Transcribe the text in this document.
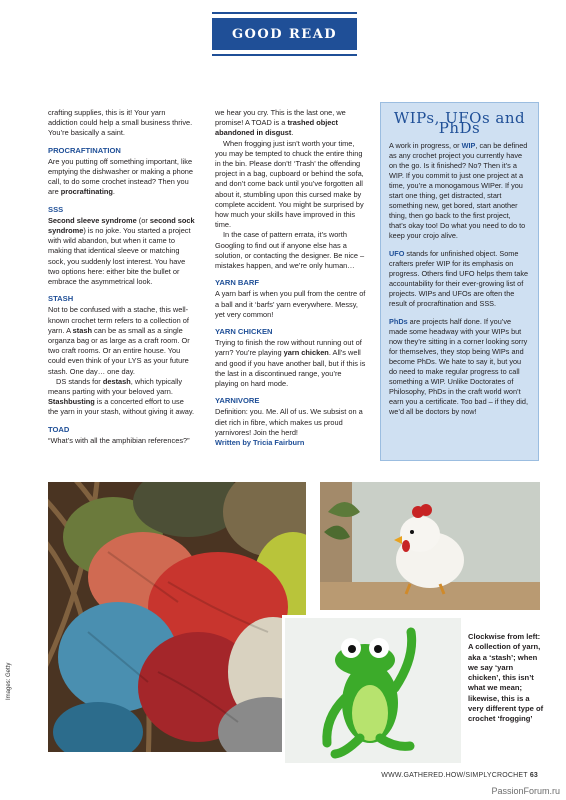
GOOD READ

crafting supplies, this is it! Your yarn addiction could help a small business thrive. You’re basically a saint.

PROCRAFTINATION

Are you putting off something important, like emptying the dishwasher or making a phone call, to do some crochet instead? Then you are procraftinating.

SSS

Second sleeve syndrome (or second sock syndrome) is no joke. You started a project with wild abandon, but when it came to making that identical sleeve or matching sock, you suddenly lost interest. You have two options here: either bite the bullet or embrace the asymmetrical look.

STASH

Not to be confused with a stache, this well-known crochet term refers to a collection of yarn. A stash can be as small as a single organza bag or as large as a craft room. Or two craft rooms. Or an entire house. You could even think of your LYS as your future stash. One day… one day.

DS stands for destash, which typically means parting with your beloved yarn. Stashbusting is a concerted effort to use the yarn in your stash, without giving it away.

TOAD

“What’s with all the amphibian references?”

we hear you cry. This is the last one, we promise! A TOAD is a trashed object abandoned in disgust.

When frogging just isn’t worth your time, you may be tempted to chuck the entire thing in the bin. Please don’t! ‘Trash’ the offending project in a bag, cupboard or behind the sofa, and don’t come back until you’ve forgotten all about it, stumbling upon this cursed make by complete accident. You might be surprised by how much your skills have improved in this time.

In the case of pattern errata, it’s worth Googling to find out if anyone else has a solution, or contacting the designer. Be nice – mistakes happen, and we’re only human…

YARN BARF

A yarn barf is when you pull from the centre of a ball and it ‘barfs’ yarn everywhere. Messy, yet very common!

YARN CHICKEN

Trying to finish the row without running out of yarn? You’re playing yarn chicken. All’s well and good if you have another ball, but if this is the last in a discontinued range, you’re playing on hard mode.

YARNIVORE

Definition: you. Me. All of us. We subsist on a diet rich in fibre, which makes us proud yarnivores! Join the herd!

Written by Tricia Fairburn

WIPs, UFOs and PhDs

A work in progress, or WIP, can be defined as any crochet project you currently have on the go. Is it finished? No? Then it’s a WIP. If you commit to just one project at a time, you’re a monogamous WIPer. If you start one thing, get distracted, start something new, get bored, start another thing, then go back to the first project, that’s okay too! Do what you need to do to keep your crojo alive.

UFO stands for unfinished object. Some crafters prefer WIP for its emphasis on progress. Others find UFO helps them take accountability for their ever-growing list of projects. WIPs and UFOs are often the result of procraftination and SSS.

PhDs are projects half done. If you’ve made some headway with your WIPs but now they’re sitting in a corner looking sorry for themselves, they stop being WIPs and become PhDs. We hate to say it, but you do need to make regular progress to call something a WIP. Unlike Doctorates of Philosophy, PhDs in the craft world won’t earn you a certificate. Too bad – if they did, we’d all be doctors by now!

Clockwise from left: A collection of yarn, aka a ‘stash’; when we say ‘yarn chicken’, this isn’t what we mean; likewise, this is a very different type of crochet ‘frogging’
Images: Getty
WWW.GATHERED.HOW/SIMPLYCROCHET 63
PassionForum.ru
